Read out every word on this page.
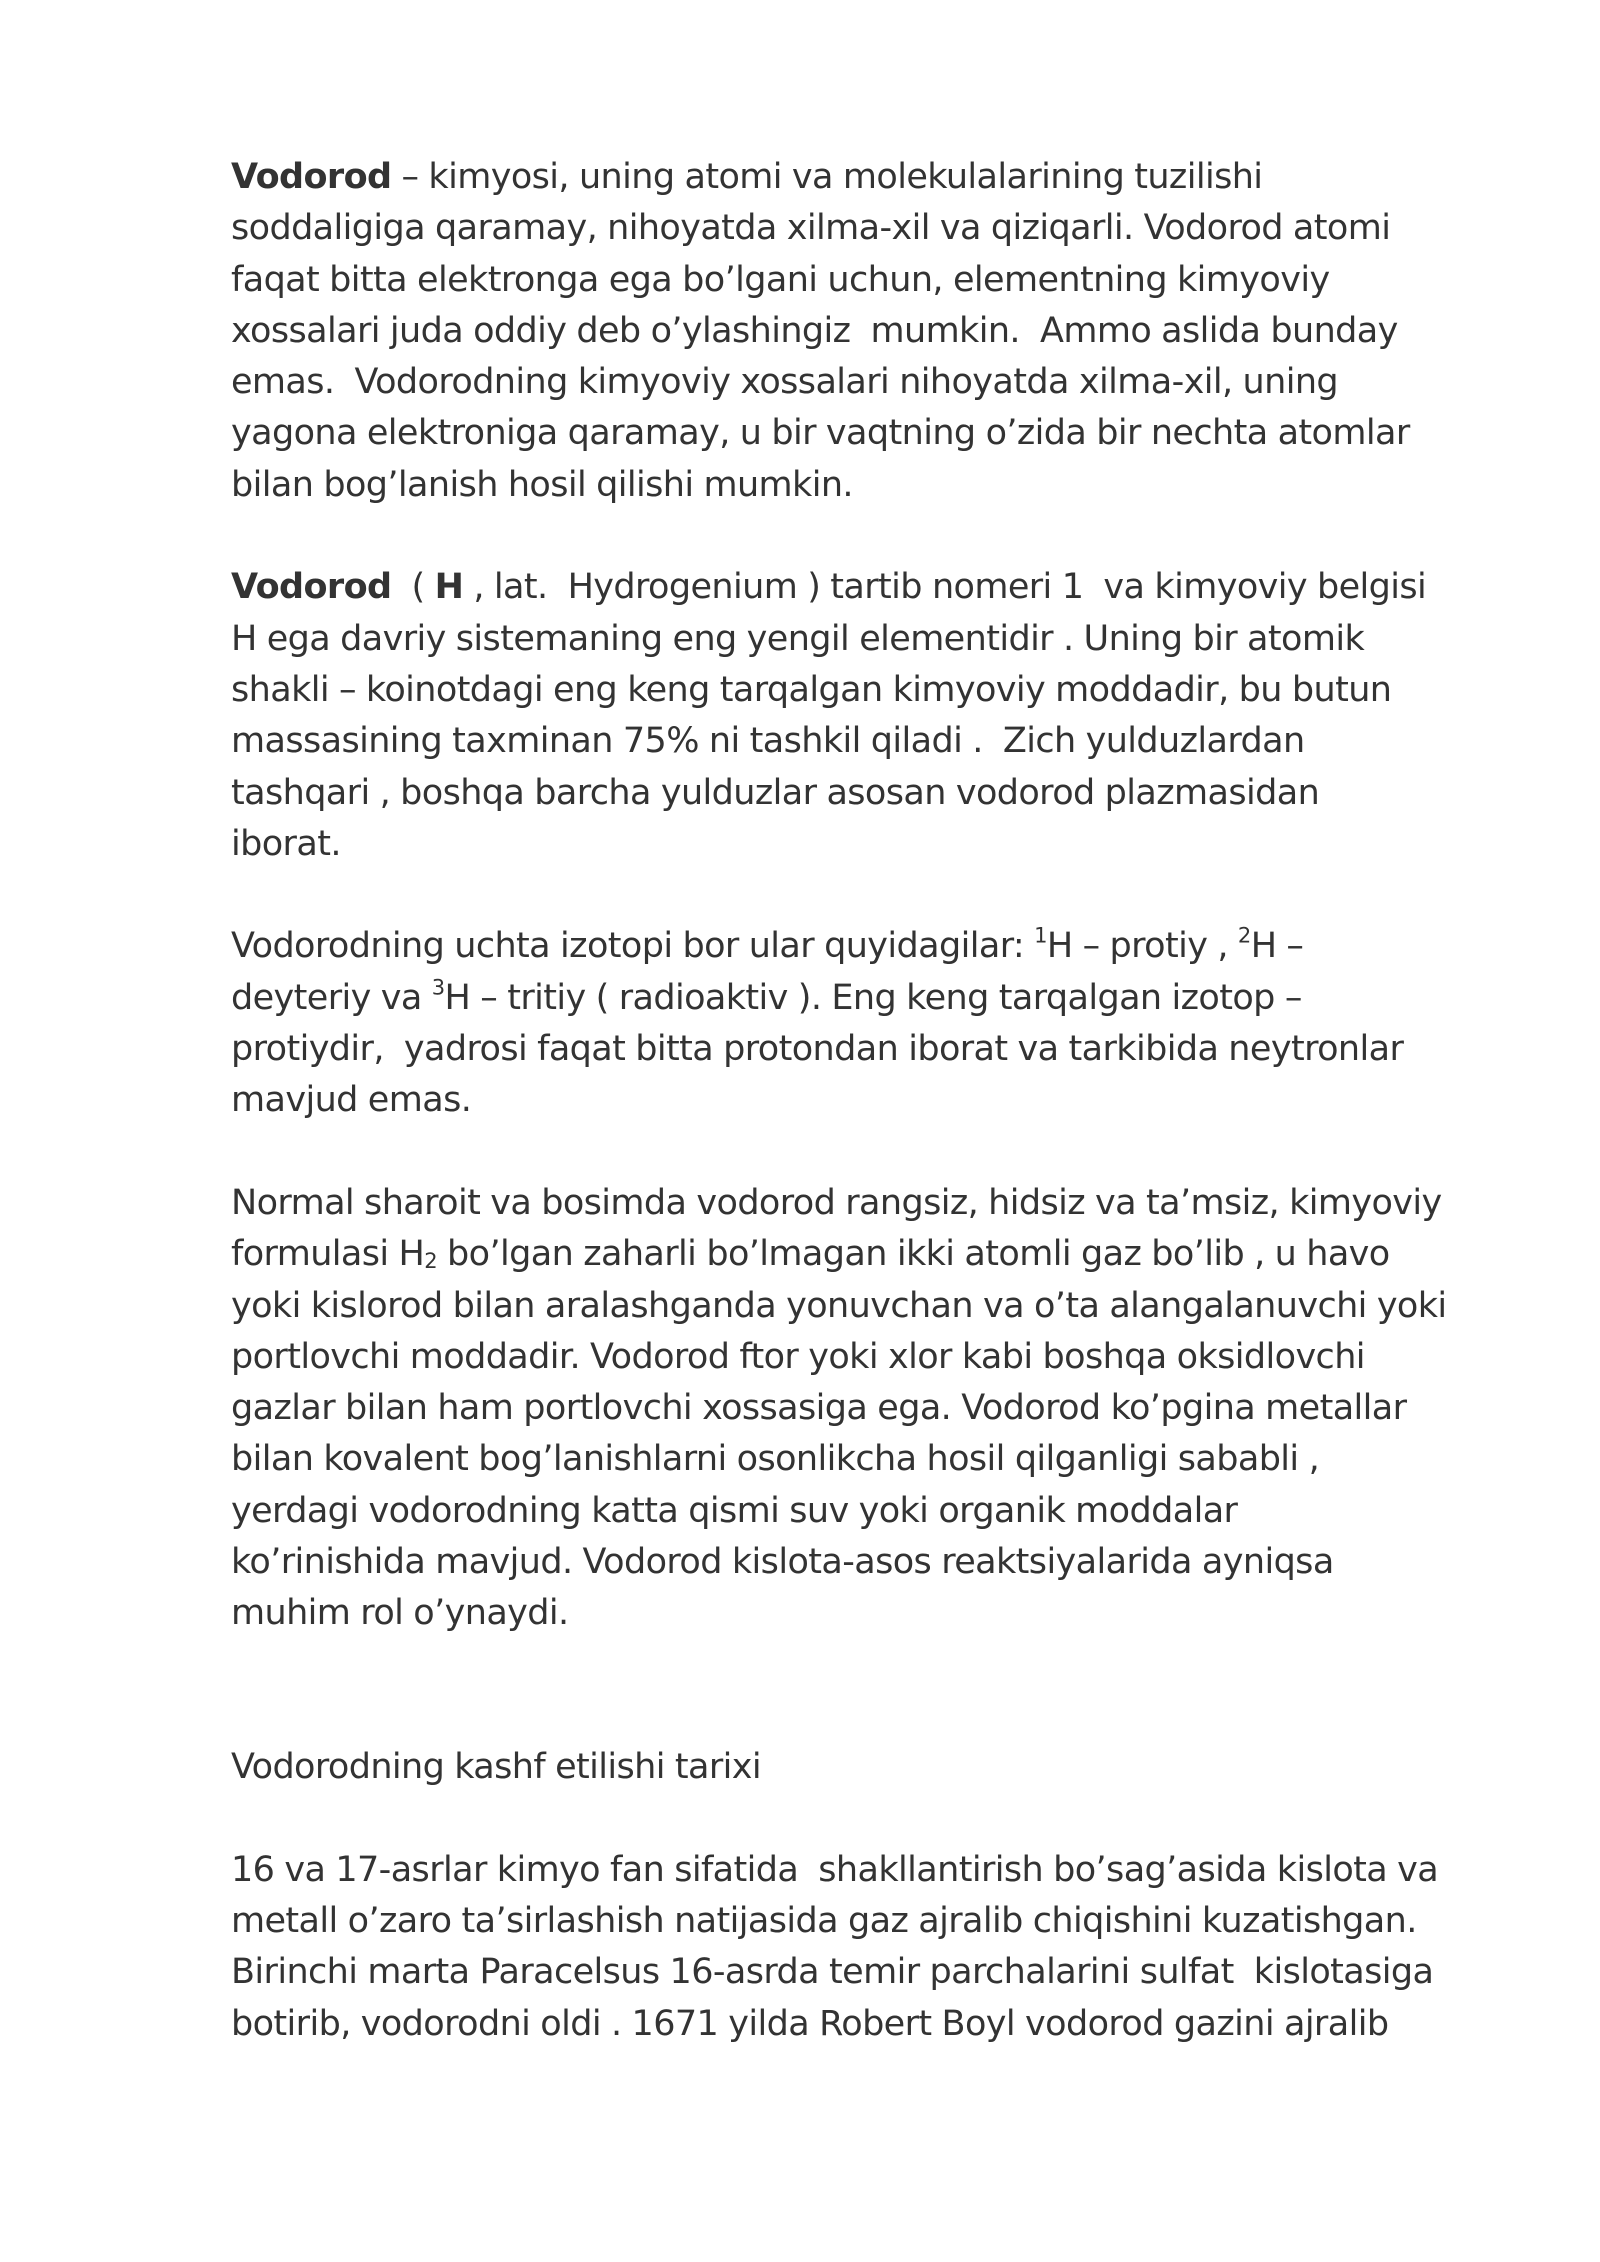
Vodorod – kimyosi, uning atomi va molekulalarining tuzilishi
soddaligiga qaramay, nihoyatda xilma-xil va qiziqarli. Vodorod atomi
faqat bitta elektronga ega bo’lgani uchun, elementning kimyoviy
xossalari juda oddiy deb o’ylashingiz  mumkin.  Ammo aslida bunday
emas.  Vodorodning kimyoviy xossalari nihoyatda xilma-xil, uning
yagona elektroniga qaramay, u bir vaqtning o’zida bir nechta atomlar
bilan bog’lanish hosil qilishi mumkin.

Vodorod  ( H , lat.  Hydrogenium ) tartib nomeri 1  va kimyoviy belgisi
H ega davriy sistemaning eng yengil elementidir . Uning bir atomik
shakli – koinotdagi eng keng tarqalgan kimyoviy moddadir, bu butun
massasining taxminan 75% ni tashkil qiladi .  Zich yulduzlardan
tashqari , boshqa barcha yulduzlar asosan vodorod plazmasidan
iborat.

Vodorodning uchta izotopi bor ular quyidagilar: $^1$H – protiy , $^2$H –
deyteriy va $^3$H – tritiy ( radioaktiv ). Eng keng tarqalgan izotop –
protiydir,  yadrosi faqat bitta protondan iborat va tarkibida neytronlar
mavjud emas.

Normal sharoit va bosimda vodorod rangsiz, hidsiz va ta’msiz, kimyoviy
formulasi $H_2$ bo’lgan zaharli bo’lmagan ikki atomli gaz bo’lib , u havo
yoki kislorod bilan aralashganda yonuvchan va o’ta alangalanuvchi yoki
portlovchi moddadir. Vodorod ftor yoki xlor kabi boshqa oksidlovchi
gazlar bilan ham portlovchi xossasiga ega. Vodorod ko’pgina metallar
bilan kovalent bog’lanishlarni osonlikcha hosil qilganligi sababli ,
yerdagi vodorodning katta qismi suv yoki organik moddalar
ko’rinishida mavjud. Vodorod kislota-asos reaktsiyalarida ayniqsa
muhim rol o’ynaydi.

Vodorodning kashf etilishi tarixi

16 va 17-asrlar kimyo fan sifatida  shakllantirish bo’sag’asida kislota va
metall o’zaro ta’sirlashish natijasida gaz ajralib chiqishini kuzatishgan.
Birinchi marta Paracelsus 16-asrda temir parchalarini sulfat  kislotasiga
botirib, vodorodni oldi . 1671 yilda Robert Boyl vodorod gazini ajralib
